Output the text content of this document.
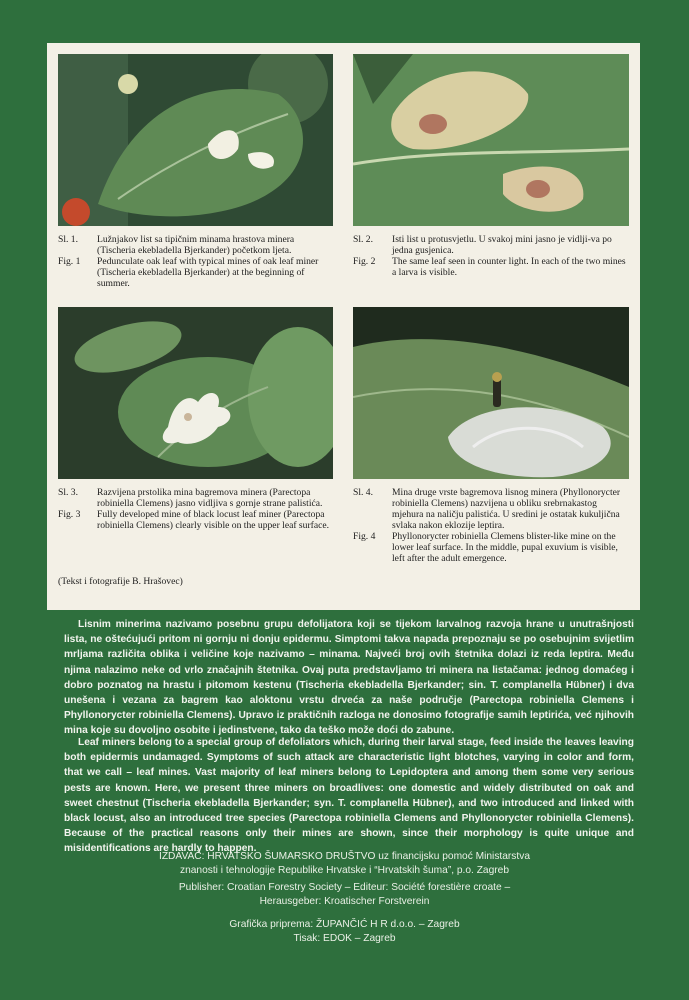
Sl. 1.	Lužnjakov list sa tipičnim minama hrastova minera (Tischeria ekebladella Bjerkander) početkom ljeta.
Fig. 1	Pedunculate oak leaf with typical mines of oak leaf miner (Tischeria ekebladella Bjerkander) at the beginning of summer.
Sl. 2.	Isti list u protusvjetlu. U svakoj mini jasno je vidlji-va po jedna gusjenica.
Fig. 2	The same leaf seen in counter light. In each of the two mines a larva is visible.
Sl. 3.	Razvijena prstolika mina bagremova minera (Parectopa robiniella Clemens) jasno vidljiva s gornje strane palistića.
Fig. 3	Fully developed mine of black locust leaf miner (Parectopa robiniella Clemens) clearly visible on the upper leaf surface.
Sl. 4.	Mina druge vrste bagremova lisnog minera (Phyllonorycter robiniella Clemens) nazvijena u obliku srebrnakastog mjehura na naličju palistića. U sredini je ostatak kukuljična svlaka nakon eklozije leptira.
Fig. 4	Phyllonorycter robiniella Clemens blister-like mine on the lower leaf surface. In the middle, pupal exuvium is visible, left after the adult emergence.
(Tekst i fotografije B. Hrašovec)

Lisnim minerima nazivamo posebnu grupu defolijatora koji se tijekom larvalnog razvoja hrane u unutrašnjosti lista, ne oštećujući pritom ni gornju ni donju epidermu. Simptomi takva napada prepoznaju se po osebujnim svijetlim mrljama različita oblika i veličine koje nazivamo – minama. Najveći broj ovih štetnika dolazi iz reda leptira. Među njima nalazimo neke od vrlo značajnih štetnika. Ovaj puta predstavljamo tri minera na listačama: jednog domaćeg i dobro poznatog na hrastu i pitomom kestenu (Tischeria ekebladella Bjerkander; sin. T. complanella Hübner) i dva unešena i vezana za bagrem kao aloktonu vrstu drveća za naše područje (Parectopa robiniella Clemens i Phyllonorycter robiniella Clemens). Upravo iz praktičnih razloga ne donosimo fotografije samih leptirića, već njihovih mina koje su dovoljno osobite i jedinstvene, tako da teško može doći do zabune.

Leaf miners belong to a special group of defoliators which, during their larval stage, feed inside the leaves leaving both epidermis undamaged. Symptoms of such attack are characteristic light blotches, varying in color and form, that we call – leaf mines. Vast majority of leaf miners belong to Lepidoptera and among them some very serious pests are known. Here, we present three miners on broadlives: one domestic and widely distributed on oak and sweet chestnut (Tischeria ekebladella Bjerkander; syn. T. complanella Hübner), and two introduced and linked with black locust, also an introduced tree species (Parectopa robiniella Clemens and Phyllonorycter robiniella Clemens). Because of the practical reasons only their mines are shown, since their morphology is quite unique and misidentifications are hardly to happen.

IZDAVAČ: HRVATSKO ŠUMARSKO DRUŠTVO uz financijsku pomoć Ministarstva
znanosti i tehnologije Republike Hrvatske i “Hrvatskih šuma”, p.o. Zagreb
Publisher: Croatian Forestry Society – Editeur: Société forestière croate –
Herausgeber: Kroatischer Forstverein
Grafička priprema: ŽUPANČIĆ H R d.o.o. – Zagreb
Tisak: EDOK – Zagreb
